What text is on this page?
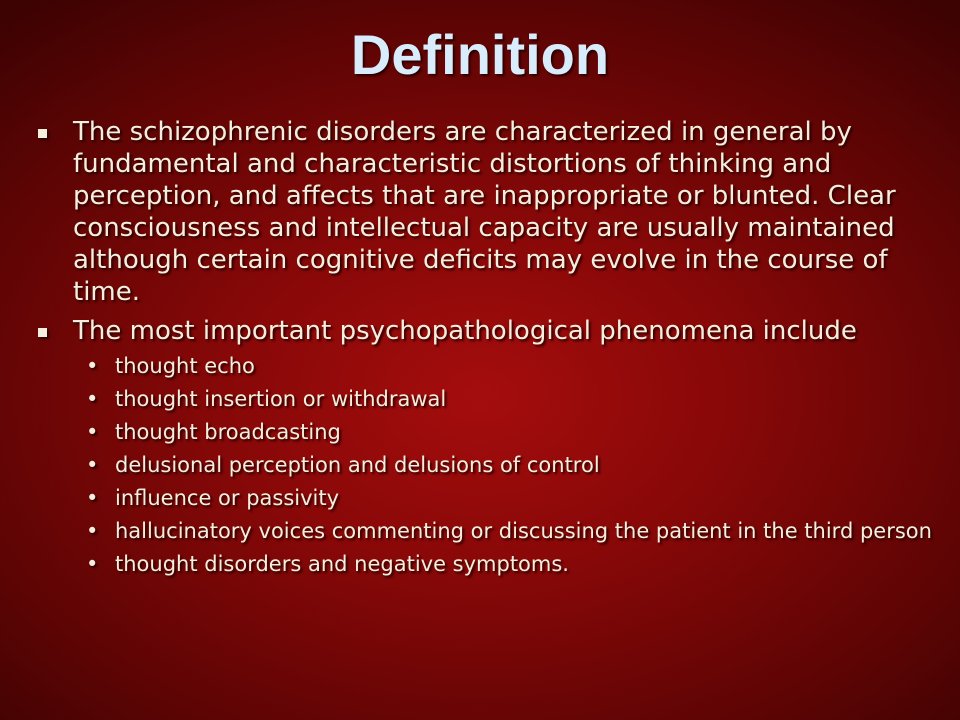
Definition
The schizophrenic disorders are characterized in general by fundamental and characteristic distortions of thinking and perception, and affects that are inappropriate or blunted. Clear consciousness and intellectual capacity are usually maintained although certain cognitive deficits may evolve in the course of time.
The most important psychopathological phenomena include
• thought echo
• thought insertion or withdrawal
• thought broadcasting
• delusional perception and delusions of control
• influence or passivity
• hallucinatory voices commenting or discussing the patient in the third person
• thought disorders and negative symptoms.
